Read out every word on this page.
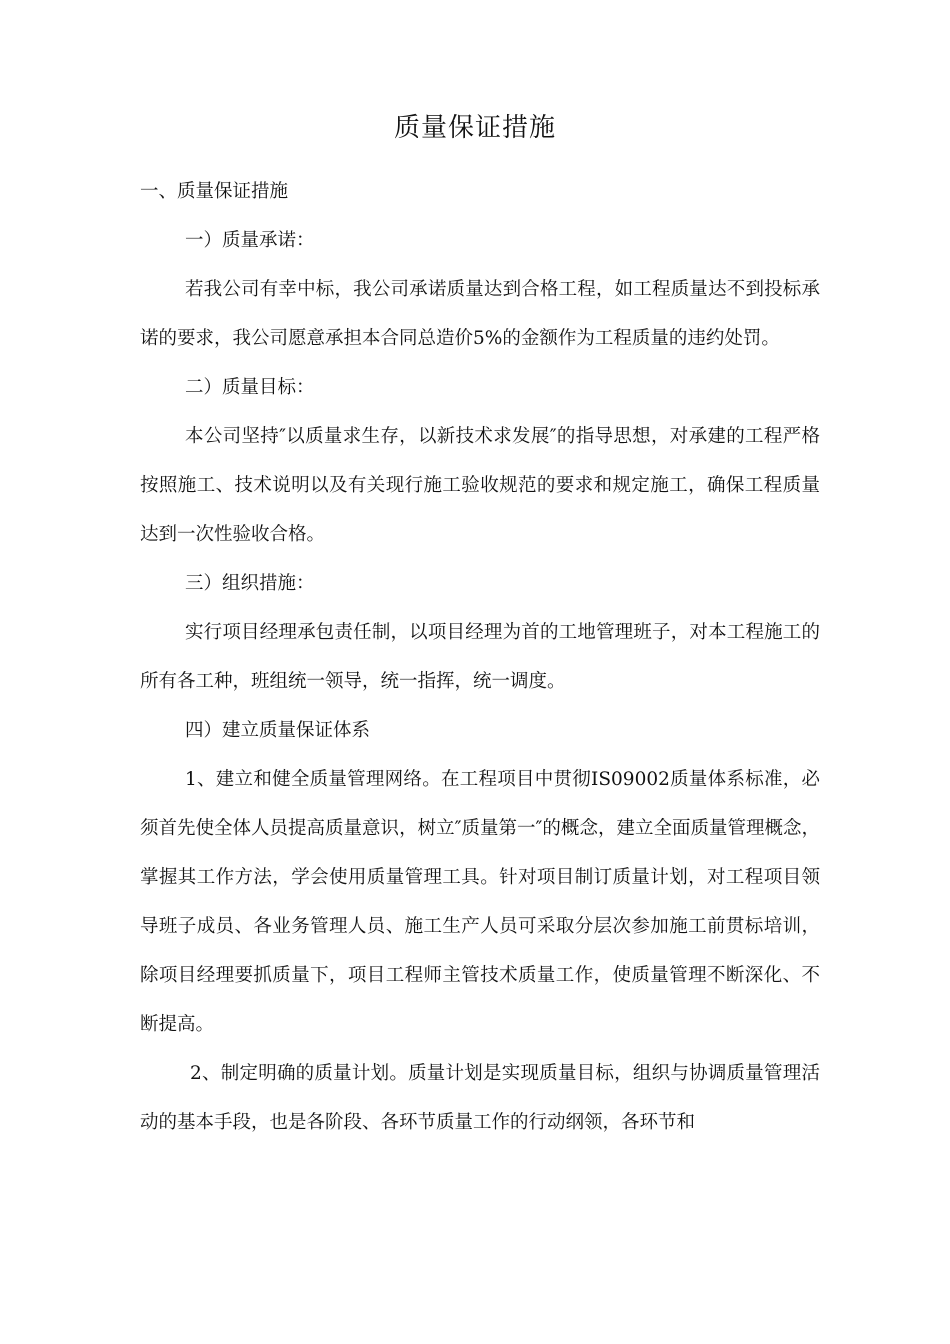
质量保证措施

一、质量保证措施

一）质量承诺：

若我公司有幸中标，我公司承诺质量达到合格工程，如工程质量达不到投标承诺的要求，我公司愿意承担本合同总造价5%的金额作为工程质量的违约处罚。

二）质量目标：

本公司坚持″以质量求生存，以新技术求发展″的指导思想，对承建的工程严格按照施工、技术说明以及有关现行施工验收规范的要求和规定施工，确保工程质量达到一次性验收合格。

三）组织措施：

实行项目经理承包责任制，以项目经理为首的工地管理班子，对本工程施工的所有各工种，班组统一领导，统一指挥，统一调度。

四）建立质量保证体系

1、建立和健全质量管理网络。在工程项目中贯彻IS09002质量体系标准，必须首先使全体人员提高质量意识，树立″质量第一″的概念，建立全面质量管理概念，掌握其工作方法，学会使用质量管理工具。针对项目制订质量计划，对工程项目领导班子成员、各业务管理人员、施工生产人员可采取分层次参加施工前贯标培训，除项目经理要抓质量下，项目工程师主管技术质量工作，使质量管理不断深化、不断提高。

2、制定明确的质量计划。质量计划是实现质量目标，组织与协调质量管理活动的基本手段，也是各阶段、各环节质量工作的行动纲领，各环节和
